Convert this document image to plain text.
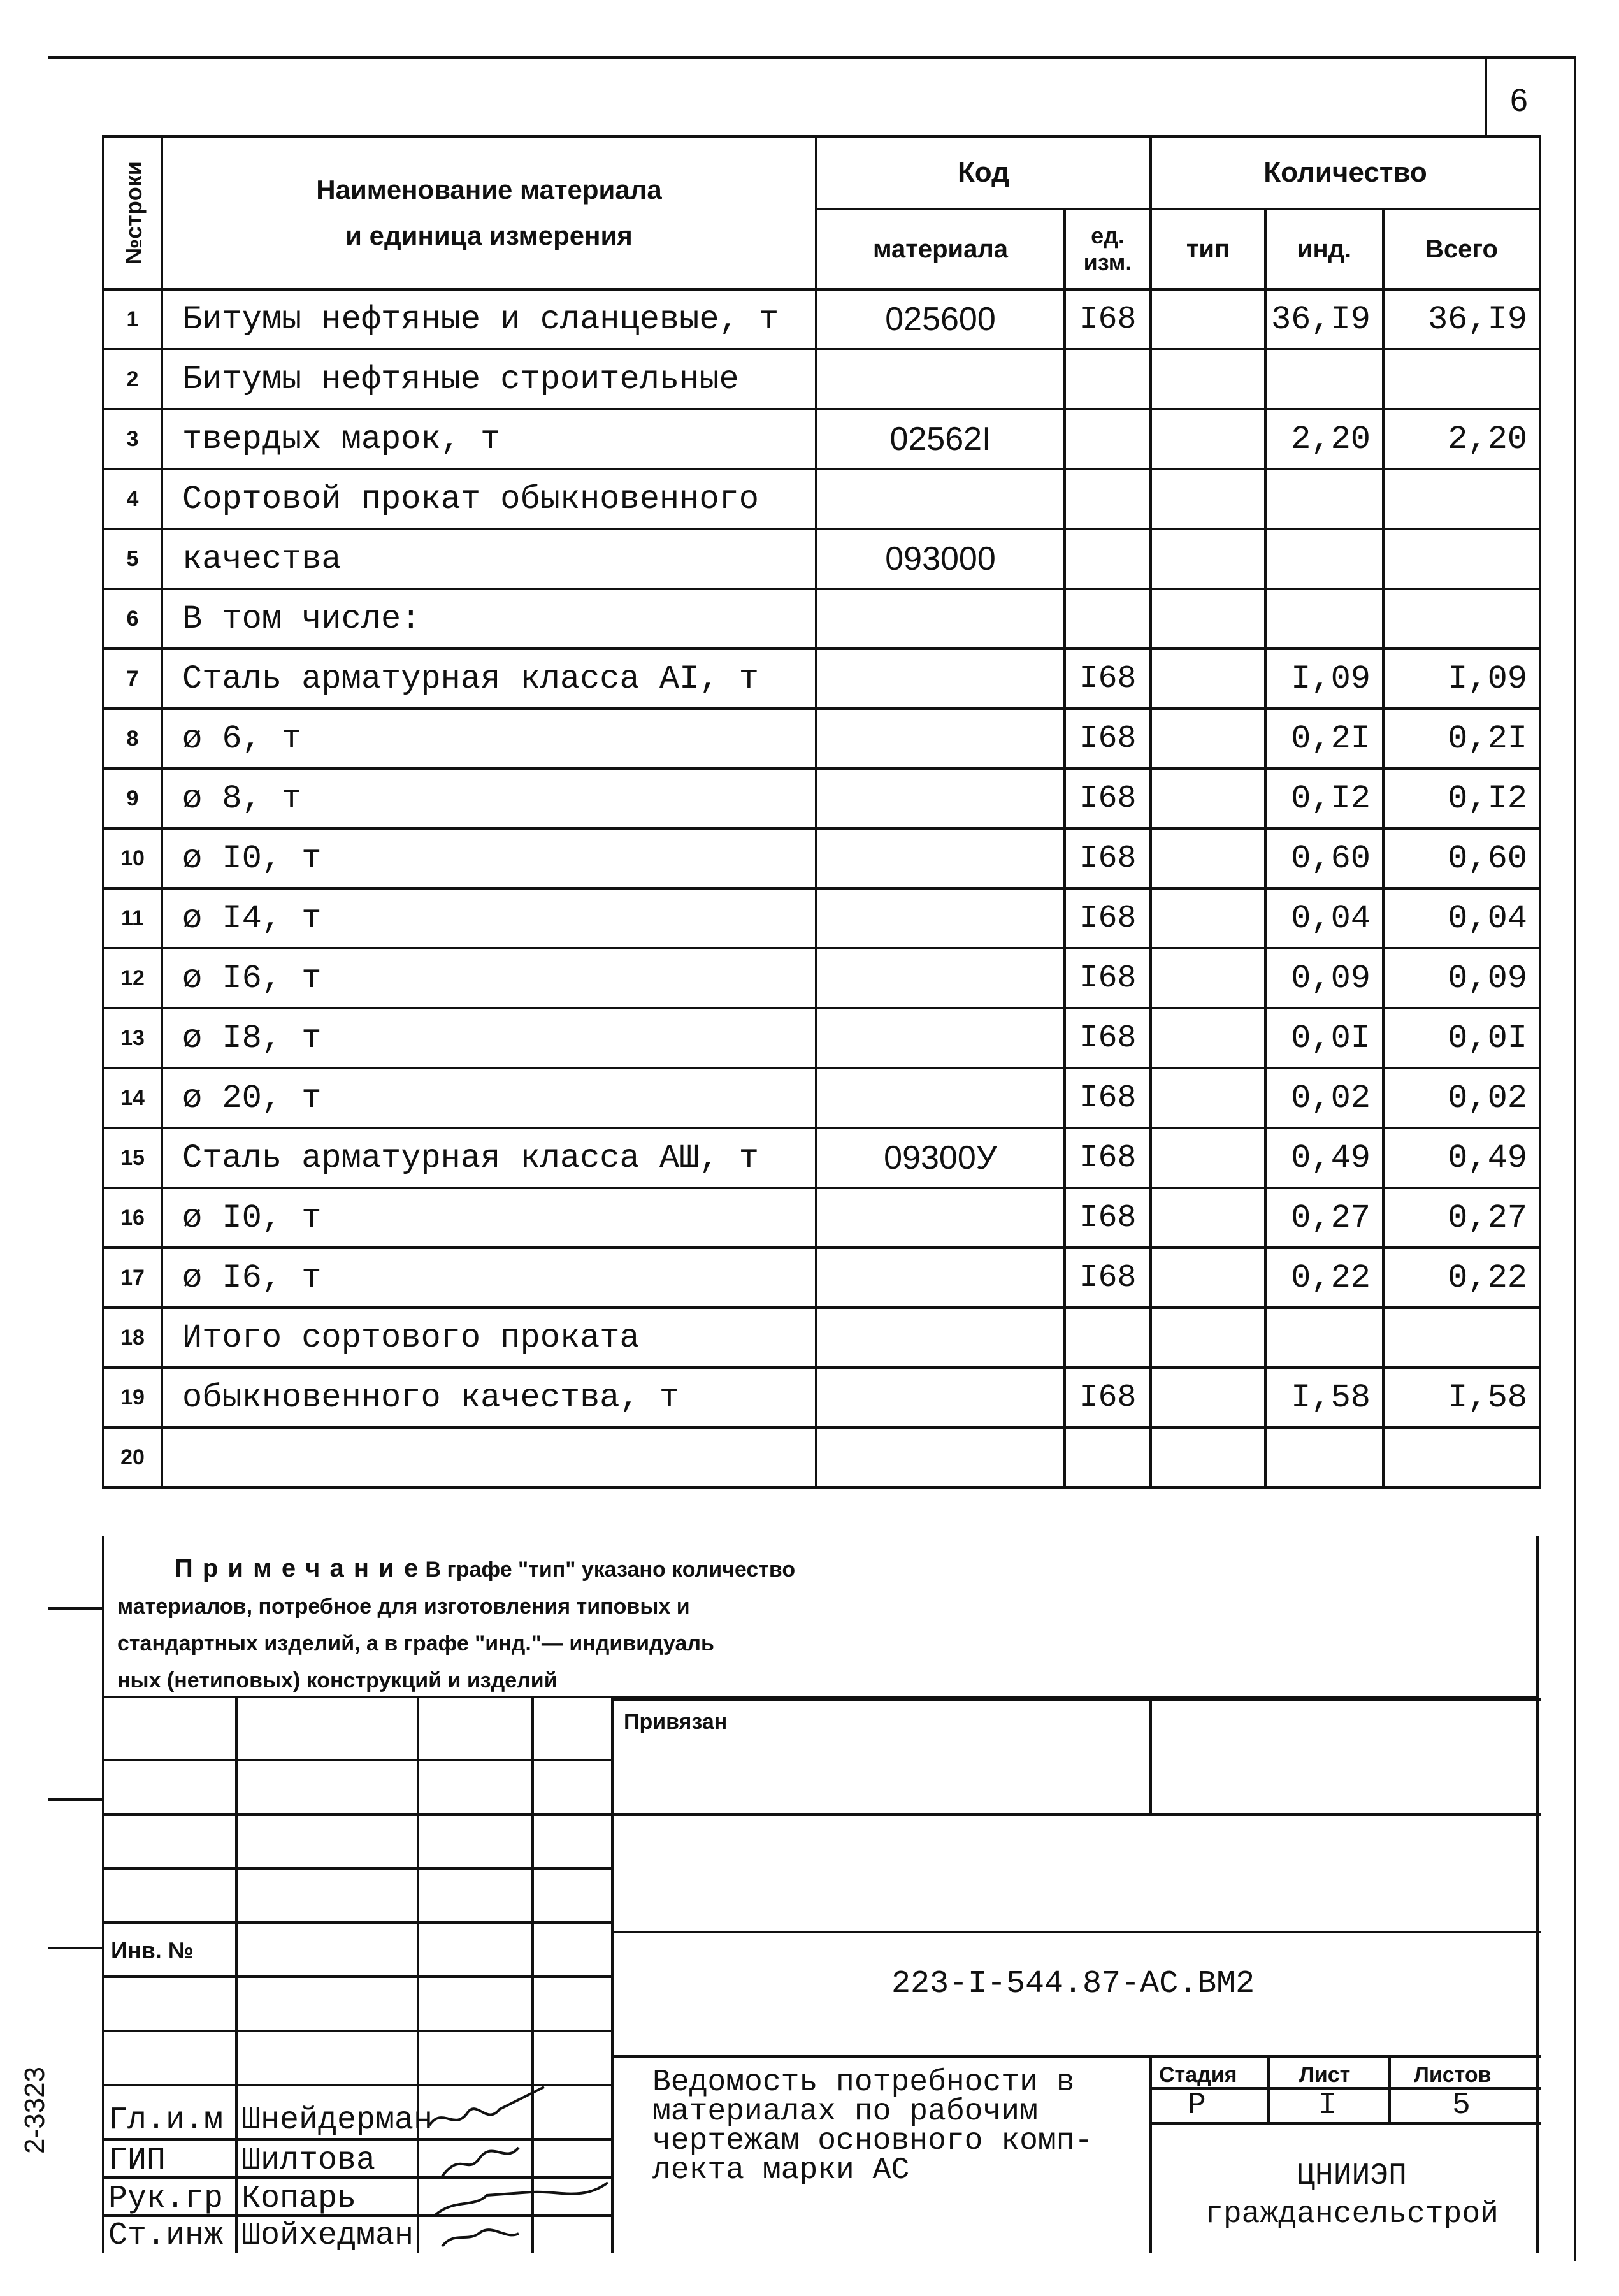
6
№строки	Наименование материала
и единица измерения	Код		Количество		
		материала	ед. изм.	тип	инд.	Всего
1	Битумы нефтяные и сланцевые, т	025600	I68		36,I9	36,I9
2	Битумы нефтяные строительные					
3	твердых марок, т	02562I			2,20	2,20
4	Сортовой прокат обыкновенного					
5	качества	093000				
6	В том числе:					
7	Сталь арматурная класса AI, т		I68		I,09	I,09
8	ø 6, т		I68		0,2I	0,2I
9	ø 8, т		I68		0,I2	0,I2
10	ø I0, т		I68		0,60	0,60
11	ø I4, т		I68		0,04	0,04
12	ø I6, т		I68		0,09	0,09
13	ø I8, т		I68		0,0I	0,0I
14	ø 20, т		I68		0,02	0,02
15	Сталь арматурная класса АШ, т	09300У	I68		0,49	0,49
16	ø I0, т		I68		0,27	0,27
17	ø I6, т		I68		0,22	0,22
18	Итого сортового проката					
19	обыкновенного качества, т		I68		I,58	I,58
20						
П р и м е ч а н и е В графе "тип" указано количество
материалов, потребное для изготовления типовых и
стандартных изделий, а в графе "инд."— индивидуаль
ных (нетиповых) конструкций и изделий
Привязан
Инв. №
223-I-544.87-АС.ВМ2
Ведомость потребности в
материалах по рабочим
чертежам основного комп-
лекта марки АС
Стадия	Лист	Листов
Р	I	5
ЦНИИЭП
граждансельстрой
Гл.и.м Шнейдерман
ГИП Шилтова
Рук.гр Копарь
Ст.инж Шойхедман
2-3323
